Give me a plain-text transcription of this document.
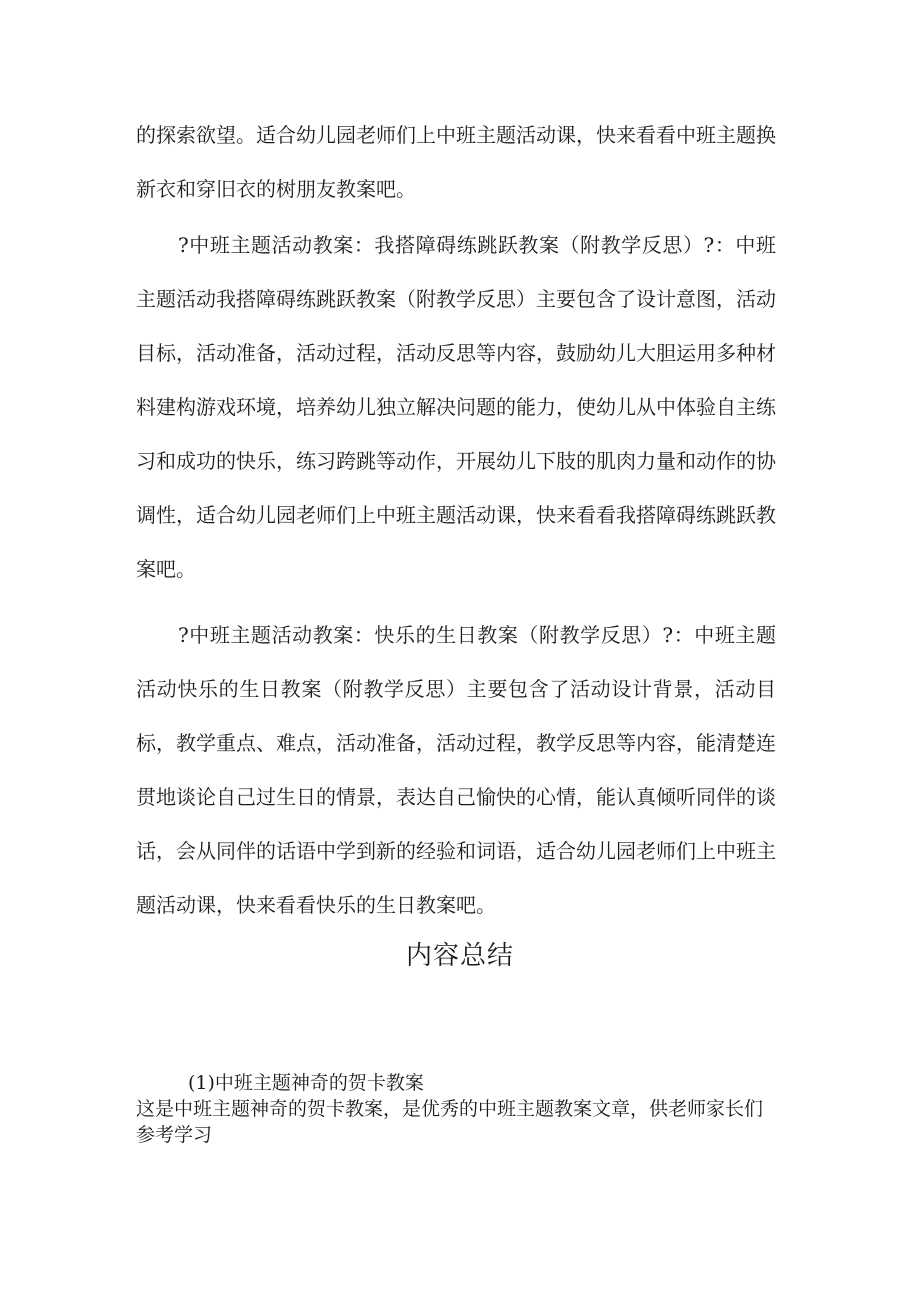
的探索欲望。适合幼儿园老师们上中班主题活动课，快来看看中班主题换新衣和穿旧衣的树朋友教案吧。

?中班主题活动教案：我搭障碍练跳跃教案（附教学反思）?：中班主题活动我搭障碍练跳跃教案（附教学反思）主要包含了设计意图，活动目标，活动准备，活动过程，活动反思等内容，鼓励幼儿大胆运用多种材料建构游戏环境，培养幼儿独立解决问题的能力，使幼儿从中体验自主练习和成功的快乐，练习跨跳等动作，开展幼儿下肢的肌肉力量和动作的协调性，适合幼儿园老师们上中班主题活动课，快来看看我搭障碍练跳跃教案吧。

?中班主题活动教案：快乐的生日教案（附教学反思）?：中班主题活动快乐的生日教案（附教学反思）主要包含了活动设计背景，活动目标，教学重点、难点，活动准备，活动过程，教学反思等内容，能清楚连贯地谈论自己过生日的情景，表达自己愉快的心情，能认真倾听同伴的谈话，会从同伴的话语中学到新的经验和词语，适合幼儿园老师们上中班主题活动课，快来看看快乐的生日教案吧。

内容总结

(1)中班主题神奇的贺卡教案

这是中班主题神奇的贺卡教案，是优秀的中班主题教案文章，供老师家长们参考学习
